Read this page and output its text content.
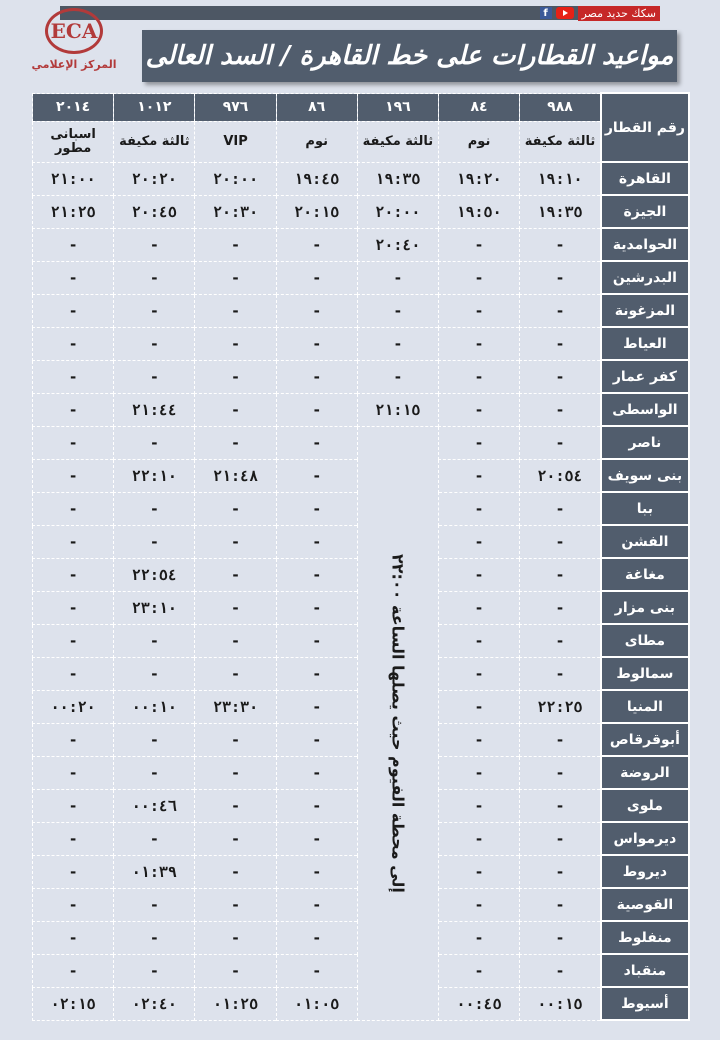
f	سكك حديد مصر
ECA
المركز الإعلامي	مواعيد القطارات على خط القاهرة / السد العالى
رقم القطار	٩٨٨	٨٤	١٩٦	٨٦	٩٧٦	١٠١٢	٢٠١٤
	ثالثة مكيفة	نوم	ثالثة مكيفة	نوم	VIP	ثالثة مكيفة	اسبانى مطور
القاهرة	١٩:١٠	١٩:٢٠	١٩:٣٥	١٩:٤٥	٢٠:٠٠	٢٠:٢٠	٢١:٠٠
الجيزة	١٩:٣٥	١٩:٥٠	٢٠:٠٠	٢٠:١٥	٢٠:٣٠	٢٠:٤٥	٢١:٢٥
الحوامدية	-	-	٢٠:٤٠	-	-	-	-
البدرشين	-	-	-	-	-	-	-
المزغونة	-	-	-	-	-	-	-
العياط	-	-	-	-	-	-	-
كفر عمار	-	-	-	-	-	-	-
الواسطى	-	-	٢١:١٥	-	-	٢١:٤٤	-
ناصر	-	-	إلى محطة الفيوم حيث يصلها الساعة ٢٢:٠٠	-	-	-	-
بنى سويف	٢٠:٥٤	-		-	٢١:٤٨	٢٢:١٠	-
ببا	-	-		-	-	-	-
الفشن	-	-		-	-	-	-
مغاغة	-	-		-	-	٢٢:٥٤	-
بنى مزار	-	-		-	-	٢٣:١٠	-
مطاى	-	-		-	-	-	-
سمالوط	-	-		-	-	-	-
المنيا	٢٢:٢٥	-		-	٢٣:٣٠	٠٠:١٠	٠٠:٢٠
أبوقرقاص	-	-		-	-	-	-
الروضة	-	-		-	-	-	-
ملوى	-	-		-	-	٠٠:٤٦	-
ديرمواس	-	-		-	-	-	-
ديروط	-	-		-	-	٠١:٣٩	-
القوصية	-	-		-	-	-	-
منفلوط	-	-		-	-	-	-
منقباد	-	-		-	-	-	-
أسيوط	٠٠:١٥	٠٠:٤٥		٠١:٠٥	٠١:٢٥	٠٢:٤٠	٠٢:١٥
